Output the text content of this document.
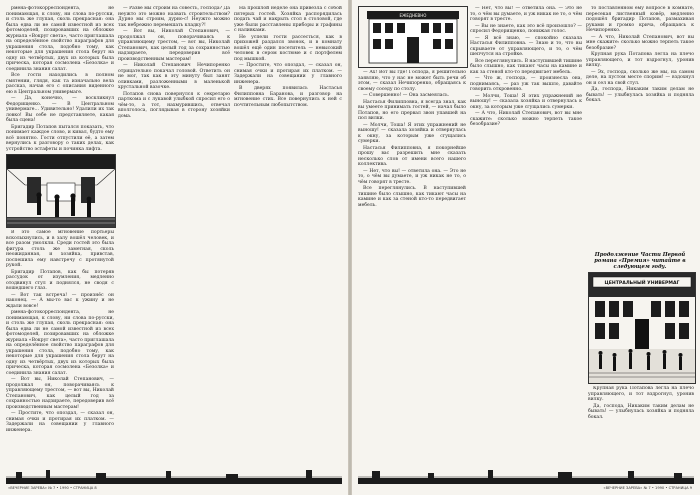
рмена-фотокорреспондента, не понимающая, к слову, ни слова по-русски, и столь же глупая, сколь прекрасная: она была едва ли не самой известной из всех фотомоделей, позировавших на обложке журнала «Вокруг света», часто приглашала на определённое свойство параграфов для украшения стола, подобно тому, как некоторые для украшения стола берут на одну из четвёртых, двух из которых была прическа, которая сосмолена «Безолка» и соединила знания салат.

Все гости находились в полном смятении, глядя, как та изначально вела рассказ, начав его с описания виденного ею в Центральном универмаге.

— Да, конечно, — воскликнул Федорищенко. — В Центральном универмаге… Удивительно! Удалили их так ловко! Вы себе не представляете, какая была сцена!

Бригадир Потапов пытался показать, что понимает каждое слово, и кивал, будто ему всё понятно. Гости отпустили её, а затем вернулись к разговору о таких делах, как устройство эстафеты и починка лифта.

— Разве мы строим на совесть, господа? Да неужто это можно назвать строительством? Дурно мы строим, дурно-с! Неужто можно так небрежно перемешать кладку?!

— Вот вы, Николай Степанович, — продолжал он, поворачиваясь к управляющему трестом, — вот вы, Николай Степанович, как целый год за сохранностью надзираете, передоверив всё производственным мастерам!

— Николай Степанович Нечипоренко отрицательно покачал головой. Ответить он не мог, так как в эту минуту был занят оливками, разложенными в маленькой хрустальной вазочке.

Потапов снова повернулся к секретарю парткома и с лукавой улыбкой спросил его о чём-то, а тот, нахмурившись, отвечал вполголоса, поглядывая в сторону хозяйки дома.

На прошлой неделе она привезла с собой пятерых гостей. Хозяйка распорядилась подать чай и накрыть стол в столовой, где уже были расставлены приборы и графины с наливками.

Не успели гости рассесться, как в прихожей раздался звонок, и в комнату вошёл ещё один посетитель — невысокий человек в сером костюме и с портфелем под мышкой.

— Простите, что опоздал, — сказал он, снимая очки и протирая их платком. — Задержали на совещании у главного инженера.

В дверях появилась Настасья Филипповна Баранова, и разговор на мгновение стих. Все повернулись к ней с почтительным любопытством.

В это самое мгновение портьеры всколыхнулись, и в залу вошёл человек, и все разом умолкли. Среди гостей это была фигура столь же заметная, сколь неожиданная, и хозяйка, привстав, поспешила ему навстречу с протянутой рукой.

Бригадир Потапов, как бы потеряв рассудок от изумления, медленно отодвинул стул и поднялся, не сводя с вошедшего глаз.

— Вот так встреча! — произнёс он наконец. — А мы-то вас к ужину и не ждали вовсе!

рмена-фотокорреспондента, не понимающая, к слову, ни слова по-русски, и столь же глупая, сколь прекрасная: она была едва ли не самой известной из всех фотомоделей, позировавших на обложке журнала «Вокруг света», часто приглашала на определённое свойство параграфов для украшения стола, подобно тому, как некоторые для украшения стола берут на одну из четвёртых, двух из которых была прическа, которая сосмолена «Безолка» и соединила знания салат.

— Вот вы, Николай Степанович, — продолжал он, поворачиваясь к управляющему трестом, — вот вы, Николай Степанович, как целый год за сохранностью надзираете, передоверив всё производственным мастерам!

— Простите, что опоздал, — сказал он, снимая очки и протирая их платком. — Задержали на совещании у главного инженера.

«ВЕЧЕРНИЕ ЗАРЕВА» № 7 • 1990 • СТРАНИЦА 8
ЕЖЕДНЕВНО

— Ах! Вот вы где! Господа, я решительно заявляю, что у нас не может быть речи об этом, — сказал Нечипоренко, обращаясь к своему соседу по столу.

— Совершенно! — Она засмеялась.

Настасья Филипповна, я всегда знал, как вы умеете принимать гостей, — начал было Потапов, но его прервал звон упавшей на пол вилки.

— Молчи, Тоша! Я этих упражнений не выношу! — сказала хозяйка и отвернулась к окну, за которым уже сгущались сумерки.

Настасья Филипповна, я покорнейше прошу вас разрешить мне сказать несколько слов от имени всего нашего коллектива.

— Нет, что вы! — ответила она. — Это не то, о чём вы думаете, и уж никак не то, о чём говорят в тресте.

Все переглянулись. В наступившей тишине было слышно, как тикают часы на камине и как за стеной кто-то передвигает мебель.

— Нет, что вы! — ответила она. — Это не то, о чём вы думаете, и уж никак не то, о чём говорят в тресте.

— Вы не знаете, как это всё произошло? — спросил Федорищенко, понижая голос.

— Я всё знаю, — спокойно сказала Настасья Филипповна. — Знаю и то, что вы скрываете от управляющего, и то, о чём шепчутся на стройке.

Все переглянулись. В наступившей тишине было слышно, как тикают часы на камине и как за стеной кто-то передвигает мебель.

— Что ж, господа, — произнесла она, поднимаясь, — раз уж так вышло, давайте говорить откровенно.

— Молчи, Тоша! Я этих упражнений не выношу! — сказала хозяйка и отвернулась к окну, за которым уже сгущались сумерки.

— А что, Николай Степанович, вот вы мне скажите: сколько можно терпеть такое безобразие?

то поставленном ему вопросе в комнате, пересекая лиственный ковёр, медленно подошёл бригадир Потапов, размахивая руками и громко крича, обращаясь к Нечипоренко.

— А что, Николай Степанович, вот вы мне скажите: сколько можно терпеть такое безобразие?

Крупная рука Потапова легла на плечо управляющего, и тот вздрогнул, уронив вилку.

— Эх, господа, сколько же мы, на самом деле, на пустом месте спорим! — вздохнул он и сел на свой стул.

Да, господа, Никаким таким делам не бывать! — улыбнулась хозяйка и подняла бокал.

Продолжение Части Первой романа «Премия» читайте в следующем году.
ЦЕНТРАЛЬНЫЙ УНИВЕРМАГ

Крупная рука Потапова легла на плечо управляющего, и тот вздрогнул, уронив вилку.

Да, господа, Никаким таким делам не бывать! — улыбнулась хозяйка и подняла бокал.

«ВЕЧЕРНИЕ ЗАРЕВА» № 7 • 1990 • СТРАНИЦА 9
